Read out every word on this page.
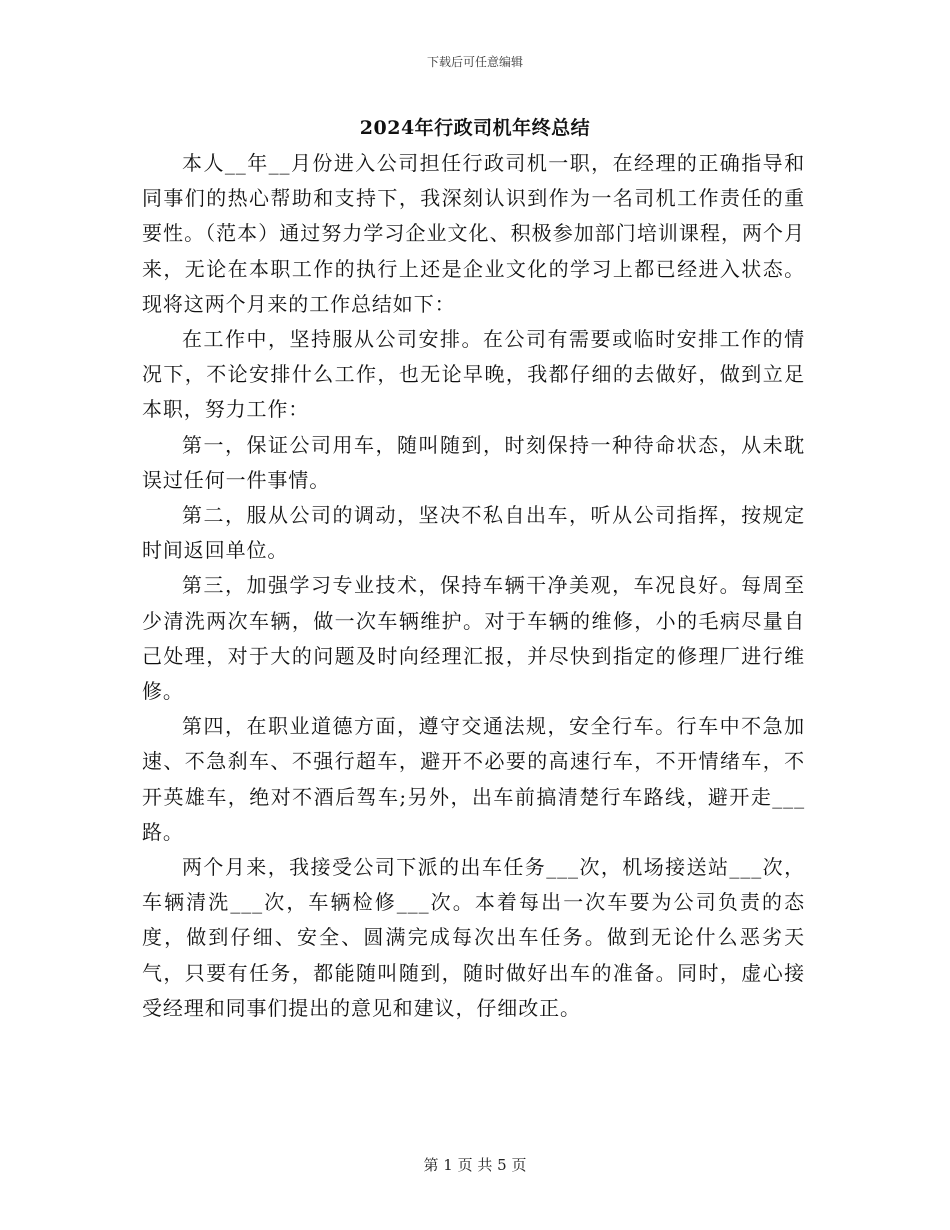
下载后可任意编辑
2024年行政司机年终总结

本人__年__月份进入公司担任行政司机一职，在经理的正确指导和同事们的热心帮助和支持下，我深刻认识到作为一名司机工作责任的重要性。（范本）通过努力学习企业文化、积极参加部门培训课程，两个月来，无论在本职工作的执行上还是企业文化的学习上都已经进入状态。现将这两个月来的工作总结如下：

在工作中，坚持服从公司安排。在公司有需要或临时安排工作的情况下，不论安排什么工作，也无论早晚，我都仔细的去做好，做到立足本职，努力工作：

第一，保证公司用车，随叫随到，时刻保持一种待命状态，从未耽误过任何一件事情。

第二，服从公司的调动，坚决不私自出车，听从公司指挥，按规定时间返回单位。

第三，加强学习专业技术，保持车辆干净美观，车况良好。每周至少清洗两次车辆，做一次车辆维护。对于车辆的维修，小的毛病尽量自己处理，对于大的问题及时向经理汇报，并尽快到指定的修理厂进行维修。

第四，在职业道德方面，遵守交通法规，安全行车。行车中不急加速、不急刹车、不强行超车，避开不必要的高速行车，不开情绪车，不开英雄车，绝对不酒后驾车;另外，出车前搞清楚行车路线，避开走___路。

两个月来，我接受公司下派的出车任务___次，机场接送站___次，车辆清洗___次，车辆检修___次。本着每出一次车要为公司负责的态度，做到仔细、安全、圆满完成每次出车任务。做到无论什么恶劣天气，只要有任务，都能随叫随到，随时做好出车的准备。同时，虚心接受经理和同事们提出的意见和建议，仔细改正。

第 1 页 共 5 页
